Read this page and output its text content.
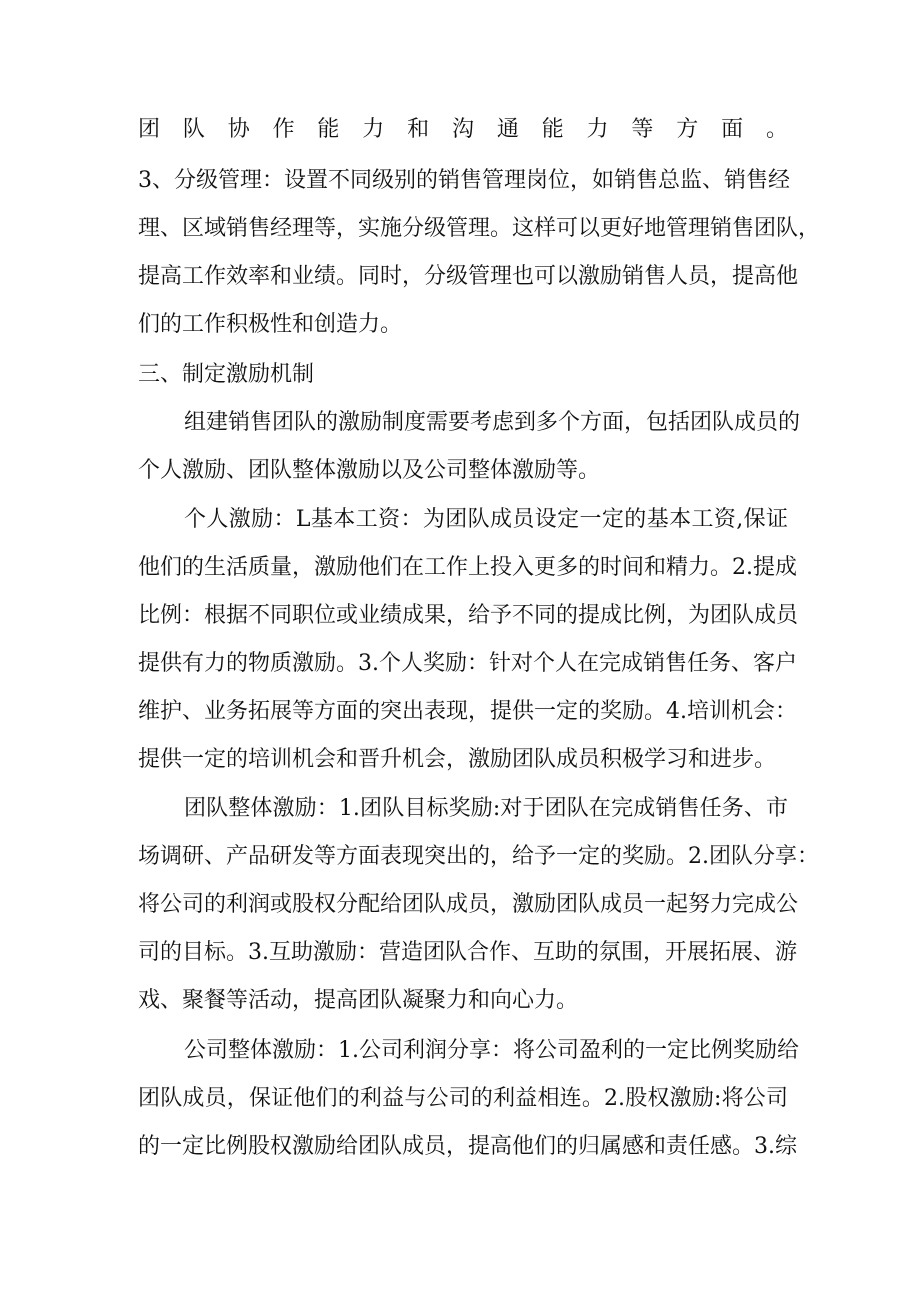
团队协作能力和沟通能力等方面。
3、分级管理：设置不同级别的销售管理岗位，如销售总监、销售经
理、区域销售经理等，实施分级管理。这样可以更好地管理销售团队，
提高工作效率和业绩。同时，分级管理也可以激励销售人员，提高他
们的工作积极性和创造力。
三、制定激励机制
组建销售团队的激励制度需要考虑到多个方面，包括团队成员的
个人激励、团队整体激励以及公司整体激励等。
个人激励：L基本工资：为团队成员设定一定的基本工资,保证
他们的生活质量，激励他们在工作上投入更多的时间和精力。2.提成
比例：根据不同职位或业绩成果，给予不同的提成比例，为团队成员
提供有力的物质激励。3.个人奖励：针对个人在完成销售任务、客户
维护、业务拓展等方面的突出表现，提供一定的奖励。4.培训机会：
提供一定的培训机会和晋升机会，激励团队成员积极学习和进步。
团队整体激励：1.团队目标奖励:对于团队在完成销售任务、市
场调研、产品研发等方面表现突出的，给予一定的奖励。2.团队分享：
将公司的利润或股权分配给团队成员，激励团队成员一起努力完成公
司的目标。3.互助激励：营造团队合作、互助的氛围，开展拓展、游
戏、聚餐等活动，提高团队凝聚力和向心力。
公司整体激励：1.公司利润分享：将公司盈利的一定比例奖励给
团队成员，保证他们的利益与公司的利益相连。2.股权激励:将公司
的一定比例股权激励给团队成员，提高他们的归属感和责任感。3.综
